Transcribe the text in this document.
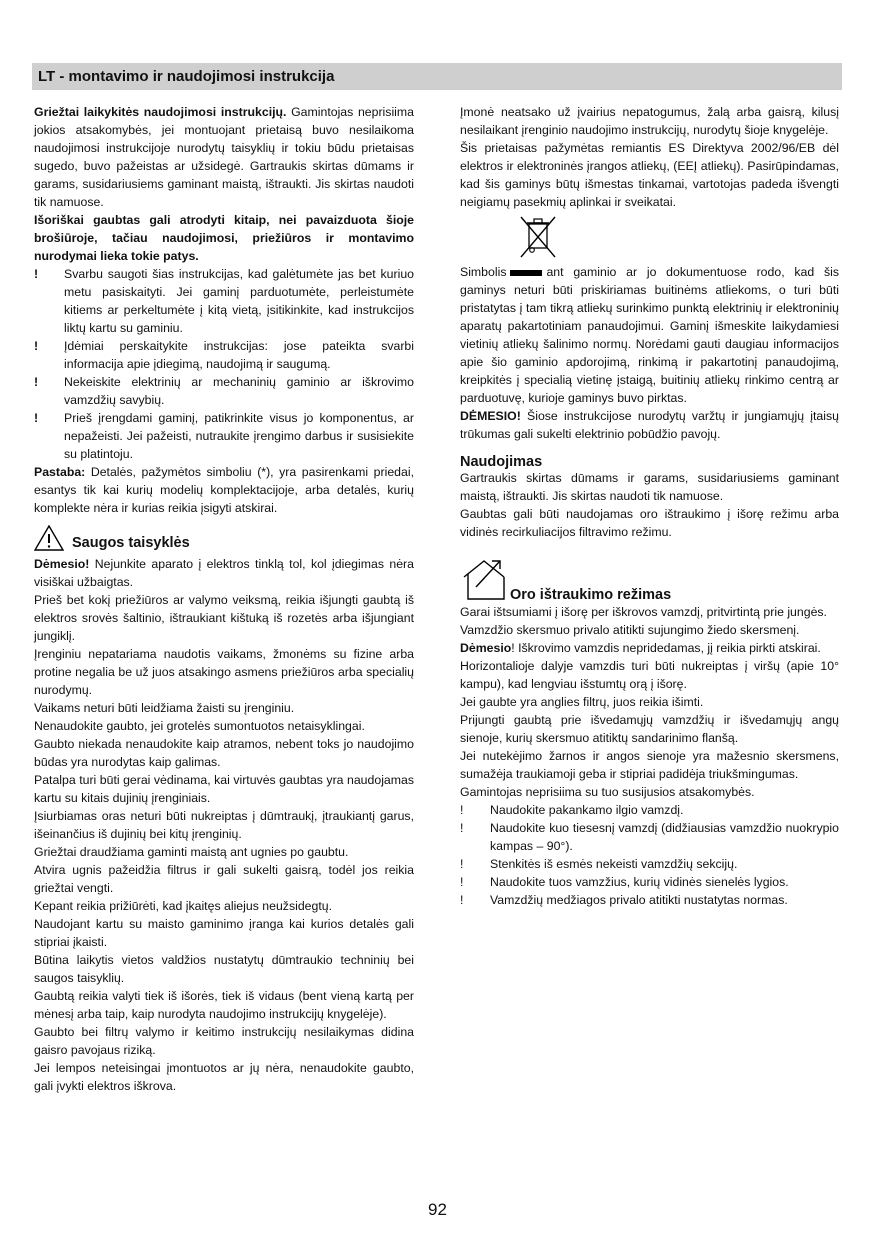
LT - montavimo ir naudojimosi instrukcija

Griežtai laikykitės naudojimosi instrukcijų. Gamintojas neprisiima jokios atsakomybės, jei montuojant prietaisą buvo nesilaikoma naudojimosi instrukcijoje nurodytų taisyklių ir tokiu būdu prietaisas sugedo, buvo pažeistas ar užsidegė. Gartraukis skirtas dūmams ir garams, susidariusiems gaminant maistą, ištraukti. Jis skirtas naudoti tik namuose.

Išoriškai gaubtas gali atrodyti kitaip, nei pavaizduota šioje brošiūroje, tačiau naudojimosi, priežiūros ir montavimo nurodymai lieka tokie patys.

! Svarbu saugoti šias instrukcijas, kad galėtumėte jas bet kuriuo metu pasiskaityti. Jei gaminį parduotumėte, perleistumėte kitiems ar perkeltumėte į kitą vietą, įsitikinkite, kad instrukcijos liktų kartu su gaminiu.
! Įdėmiai perskaitykite instrukcijas: jose pateikta svarbi informacija apie įdiegimą, naudojimą ir saugumą.
! Nekeiskite elektrinių ar mechaninių gaminio ar iškrovimo vamzdžių savybių.
! Prieš įrengdami gaminį, patikrinkite visus jo komponentus, ar nepažeisti. Jei pažeisti, nutraukite įrengimo darbus ir susisiekite su platintoju.

Pastaba: Detalės, pažymėtos simboliu (*), yra pasirenkami priedai, esantys tik kai kurių modelių komplektacijoje, arba detalės, kurių komplekte nėra ir kurias reikia įsigyti atskirai.

Saugos taisyklės

Dėmesio! Nejunkite aparato į elektros tinklą tol, kol įdiegimas nėra visiškai užbaigtas.

Prieš bet kokį priežiūros ar valymo veiksmą, reikia išjungti gaubtą iš elektros srovės šaltinio, ištraukiant kištuką iš rozetės arba išjungiant jungiklį.

Įrenginiu nepatariama naudotis vaikams, žmonėms su fizine arba protine negalia be už juos atsakingo asmens priežiūros arba specialių nurodymų.

Vaikams neturi būti leidžiama žaisti su įrenginiu.

Nenaudokite gaubto, jei grotelės sumontuotos netaisyklingai.

Gaubto niekada nenaudokite kaip atramos, nebent toks jo naudojimo būdas yra nurodytas kaip galimas.

Patalpa turi būti gerai vėdinama, kai virtuvės gaubtas yra naudojamas kartu su kitais dujinių įrenginiais.

Įsiurbiamas oras neturi būti nukreiptas į dūmtraukį, įtraukiantį garus, išeinančius iš dujinių bei kitų įrenginių.

Griežtai draudžiama gaminti maistą ant ugnies po gaubtu.

Atvira ugnis pažeidžia filtrus ir gali sukelti gaisrą, todėl jos reikia griežtai vengti.

Kepant reikia prižiūrėti, kad įkaitęs aliejus neužsidegtų.

Naudojant kartu su maisto gaminimo įranga kai kurios detalės gali stipriai įkaisti.

Būtina laikytis vietos valdžios nustatytų dūmtraukio techninių bei saugos taisyklių.

Gaubtą reikia valyti tiek iš išorės, tiek iš vidaus (bent vieną kartą per mėnesį arba taip, kaip nurodyta naudojimo instrukcijų knygelėje).

Gaubto bei filtrų valymo ir keitimo instrukcijų nesilaikymas didina gaisro pavojaus riziką.

Jei lempos neteisingai įmontuotos ar jų nėra, nenaudokite gaubto, gali įvykti elektros iškrova.

Įmonė neatsako už įvairius nepatogumus, žalą arba gaisrą, kilusį nesilaikant įrenginio naudojimo instrukcijų, nurodytų šioje knygelėje.

Šis prietaisas pažymėtas remiantis ES Direktyva 2002/96/EB dėl elektros ir elektroninės įrangos atliekų, (EEĮ atliekų). Pasirūpindamas, kad šis gaminys būtų išmestas tinkamai, vartotojas padeda išvengti neigiamų pasekmių aplinkai ir sveikatai.

Simbolis	ant gaminio ar jo dokumentuose rodo, kad šis gaminys neturi būti priskiriamas buitinėms atliekoms, o turi būti pristatytas į tam tikrą atliekų surinkimo punktą elektrinių ir elektroninių aparatų pakartotiniam panaudojimui. Gaminį išmeskite laikydamiesi vietinių atliekų šalinimo normų. Norėdami gauti daugiau informacijos apie šio gaminio apdorojimą, rinkimą ir pakartotinį panaudojimą, kreipkitės į specialią vietinę įstaigą, buitinių atliekų rinkimo centrą ar parduotuvę, kurioje gaminys buvo pirktas.

DĖMESIO! Šiose instrukcijose nurodytų varžtų ir jungiamųjų įtaisų trūkumas gali sukelti elektrinio pobūdžio pavojų.

Naudojimas

Gartraukis skirtas dūmams ir garams, susidariusiems gaminant maistą, ištraukti. Jis skirtas naudoti tik namuose.

Gaubtas gali būti naudojamas oro ištraukimo į išorę režimu arba vidinės recirkuliacijos filtravimo režimu.

Oro ištraukimo režimas

Garai ištsumiami į išorę per iškrovos vamzdį, pritvirtintą prie jungės.

Vamzdžio skersmuo privalo atitikti sujungimo žiedo skersmenį.

Dėmesio! Iškrovimo vamzdis nepridedamas, jį reikia pirkti atskirai.

Horizontalioje dalyje vamzdis turi būti nukreiptas į viršų (apie 10° kampu), kad lengviau išstumtų orą į išorę.

Jei gaubte yra anglies filtrų, juos reikia išimti.

Prijungti gaubtą prie išvedamųjų vamzdžių ir išvedamųjų angų sienoje, kurių skersmuo atitiktų sandarinimo flanšą.

Jei nutekėjimo žarnos ir angos sienoje yra mažesnio skersmens, sumažėja traukiamoji geba ir stipriai padidėja triukšmingumas.

Gamintojas neprisiima su tuo susijusios atsakomybės.

! Naudokite pakankamo ilgio vamzdį.
! Naudokite kuo tiesesnį vamzdį (didžiausias vamzdžio nuokrypio kampas – 90°).
! Stenkitės iš esmės nekeisti vamzdžių sekcijų.
! Naudokite tuos vamzžius, kurių vidinės sienelės lygios.
! Vamzdžių medžiagos privalo atitikti nustatytas normas.
92
